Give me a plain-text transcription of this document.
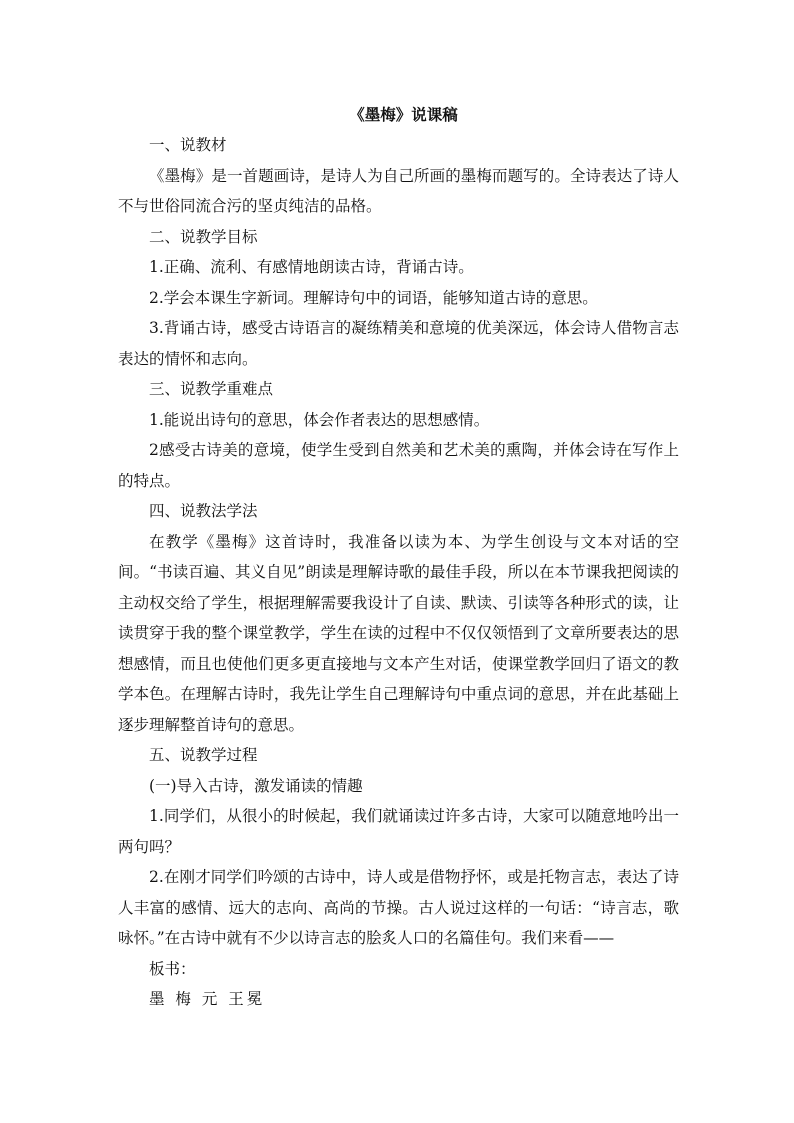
《墨梅》说课稿

一、说教材

《墨梅》是一首题画诗，是诗人为自己所画的墨梅而题写的。全诗表达了诗人不与世俗同流合污的坚贞纯洁的品格。

二、说教学目标

1.正确、流利、有感情地朗读古诗，背诵古诗。

2.学会本课生字新词。理解诗句中的词语，能够知道古诗的意思。

3.背诵古诗，感受古诗语言的凝练精美和意境的优美深远，体会诗人借物言志表达的情怀和志向。

三、说教学重难点

1.能说出诗句的意思，体会作者表达的思想感情。

2感受古诗美的意境，使学生受到自然美和艺术美的熏陶，并体会诗在写作上的特点。

四、说教法学法

在教学《墨梅》这首诗时，我准备以读为本、为学生创设与文本对话的空间。“书读百遍、其义自见”朗读是理解诗歌的最佳手段，所以在本节课我把阅读的主动权交给了学生，根据理解需要我设计了自读、默读、引读等各种形式的读，让读贯穿于我的整个课堂教学，学生在读的过程中不仅仅领悟到了文章所要表达的思想感情，而且也使他们更多更直接地与文本产生对话，使课堂教学回归了语文的教学本色。在理解古诗时，我先让学生自己理解诗句中重点词的意思，并在此基础上逐步理解整首诗句的意思。

五、说教学过程

(一)导入古诗，激发诵读的情趣

1.同学们，从很小的时候起，我们就诵读过许多古诗，大家可以随意地吟出一两句吗？

2.在刚才同学们吟颂的古诗中，诗人或是借物抒怀，或是托物言志，表达了诗人丰富的感情、远大的志向、高尚的节操。古人说过这样的一句话：“诗言志，歌咏怀。”在古诗中就有不少以诗言志的脍炙人口的名篇佳句。我们来看——

板书：

墨 梅 元 王冕
